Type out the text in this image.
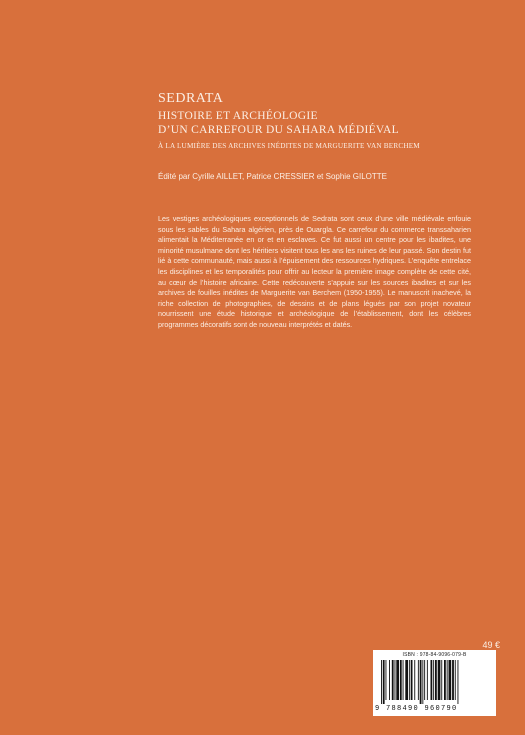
SEDRATA

HISTOIRE ET ARCHÉOLOGIE

D’UN CARREFOUR DU SAHARA MÉDIÉVAL

À LA LUMIÈRE DES ARCHIVES INÉDITES DE MARGUERITE VAN BERCHEM

Édité par Cyrille AILLET, Patrice CRESSIER et Sophie GILOTTE

Les vestiges archéologiques exceptionnels de Sedrata sont ceux d’une ville médiévale enfouie sous les sables du Sahara algérien, près de Ouargla. Ce carrefour du commerce transsaharien alimentait la Méditerranée en or et en esclaves. Ce fut aussi un centre pour les ibadites, une minorité musulmane dont les héritiers visitent tous les ans les ruines de leur passé. Son destin fut lié à cette communauté, mais aussi à l’épuisement des ressources hydriques. L’enquête entrelace les disciplines et les temporalités pour offrir au lecteur la première image complète de cette cité, au cœur de l’histoire africaine. Cette redécouverte s’appuie sur les sources ibadites et sur les archives de fouilles inédites de Marguerite van Berchem (1950-1955). Le manuscrit inachevé, la riche collection de photographies, de dessins et de plans légués par son projet novateur nourrissent une étude historique et archéologique de l’établissement, dont les célèbres programmes décoratifs sont de nouveau interprétés et datés.

49 €
ISBN : 978-84-9096-079-B
9 788490 960790
